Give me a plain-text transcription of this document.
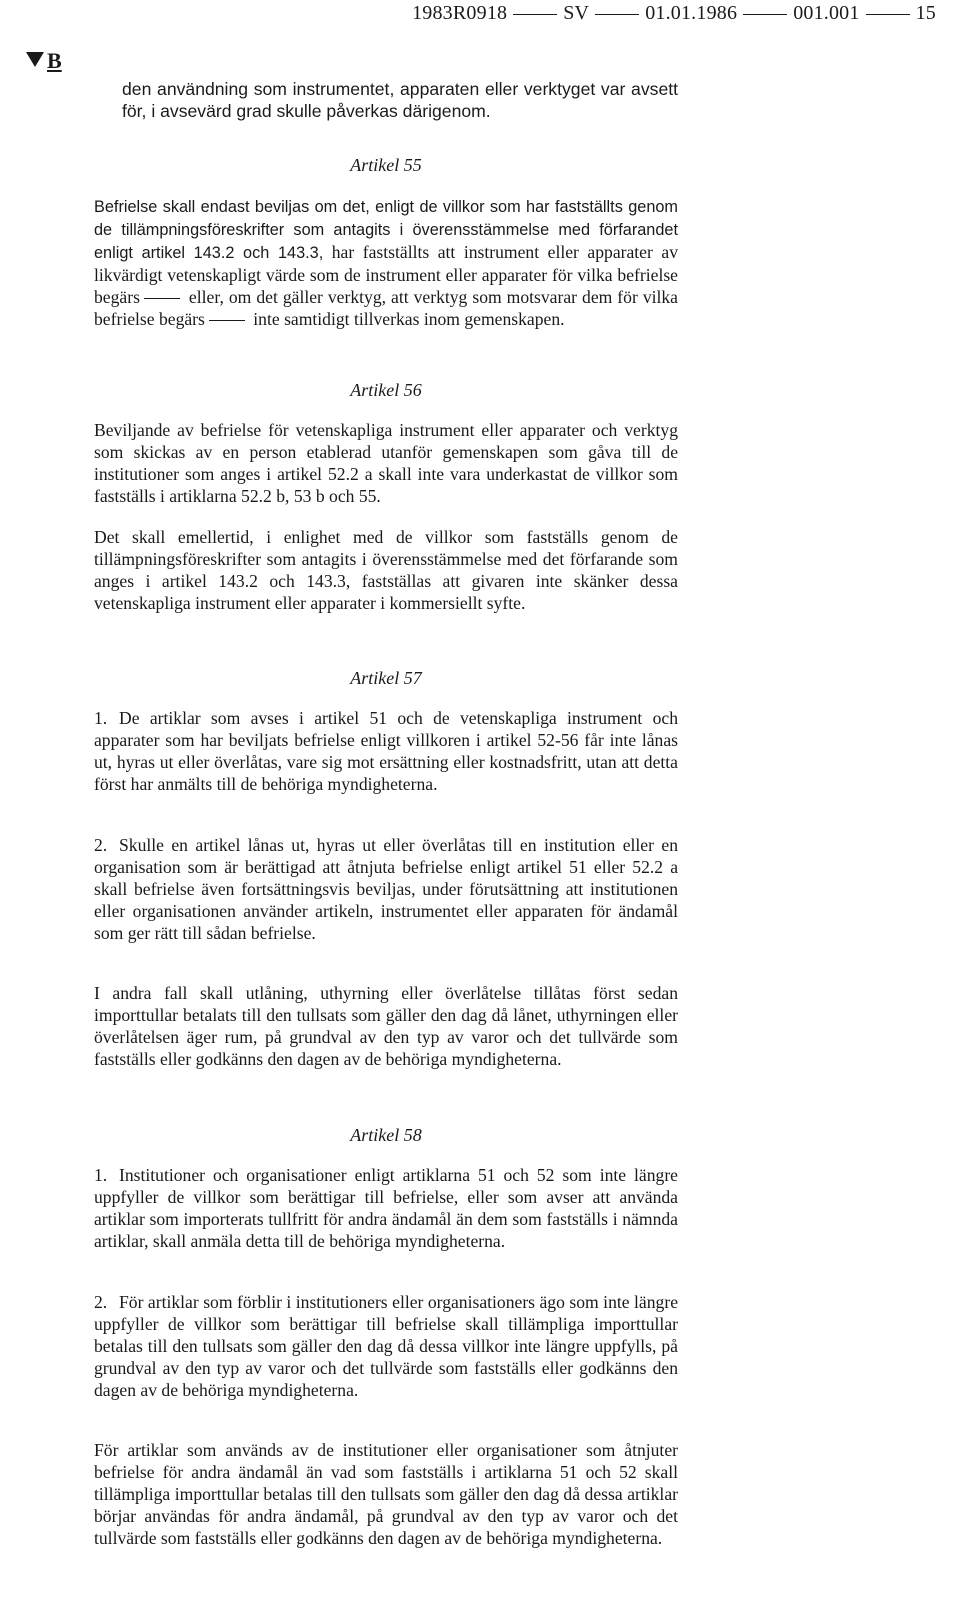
1983R0918	SV	01.01.1986	001.001	15
B

den användning som instrumentet, apparaten eller verktyget var avsett för, i avsevärd grad skulle påverkas därigenom.

Artikel 55

Befrielse skall endast beviljas om det, enligt de villkor som har fastställts genom de tillämpningsföreskrifter som antagits i överensstämmelse med förfarandet enligt artikel 143.2 och 143.3, har fastställts att instrument eller apparater av likvärdigt vetenskapligt värde som de instrument eller apparater för vilka befrielse begärs	eller, om det gäller verktyg, att verktyg som motsvarar dem för vilka befrielse begärs	inte samtidigt tillverkas inom gemenskapen.

Artikel 56

Beviljande av befrielse för vetenskapliga instrument eller apparater och verktyg som skickas av en person etablerad utanför gemenskapen som gåva till de institutioner som anges i artikel 52.2 a skall inte vara underkastat de villkor som fastställs i artiklarna 52.2 b, 53 b och 55.

Det skall emellertid, i enlighet med de villkor som fastställs genom de tillämpningsföreskrifter som antagits i överensstämmelse med det förfarande som anges i artikel 143.2 och 143.3, fastställas att givaren inte skänker dessa vetenskapliga instrument eller apparater i kommersiellt syfte.

Artikel 57

1. De artiklar som avses i artikel 51 och de vetenskapliga instrument och apparater som har beviljats befrielse enligt villkoren i artikel 52-56 får inte lånas ut, hyras ut eller överlåtas, vare sig mot ersättning eller kostnadsfritt, utan att detta först har anmälts till de behöriga myndigheterna.

2. Skulle en artikel lånas ut, hyras ut eller överlåtas till en institution eller en organisation som är berättigad att åtnjuta befrielse enligt artikel 51 eller 52.2 a skall befrielse även fortsättningsvis beviljas, under förutsättning att institutionen eller organisationen använder artikeln, instrumentet eller apparaten för ändamål som ger rätt till sådan befrielse.

I andra fall skall utlåning, uthyrning eller överlåtelse tillåtas först sedan importtullar betalats till den tullsats som gäller den dag då lånet, uthyrningen eller överlåtelsen äger rum, på grundval av den typ av varor och det tullvärde som fastställs eller godkänns den dagen av de behöriga myndigheterna.

Artikel 58

1. Institutioner och organisationer enligt artiklarna 51 och 52 som inte längre uppfyller de villkor som berättigar till befrielse, eller som avser att använda artiklar som importerats tullfritt för andra ändamål än dem som fastställs i nämnda artiklar, skall anmäla detta till de behöriga myndigheterna.

2. För artiklar som förblir i institutioners eller organisationers ägo som inte längre uppfyller de villkor som berättigar till befrielse skall tillämpliga importtullar betalas till den tullsats som gäller den dag då dessa villkor inte längre uppfylls, på grundval av den typ av varor och det tullvärde som fastställs eller godkänns den dagen av de behöriga myndigheterna.

För artiklar som används av de institutioner eller organisationer som åtnjuter befrielse för andra ändamål än vad som fastställs i artiklarna 51 och 52 skall tillämpliga importtullar betalas till den tullsats som gäller den dag då dessa artiklar börjar användas för andra ändamål, på grundval av den typ av varor och det tullvärde som fastställs eller godkänns den dagen av de behöriga myndigheterna.
